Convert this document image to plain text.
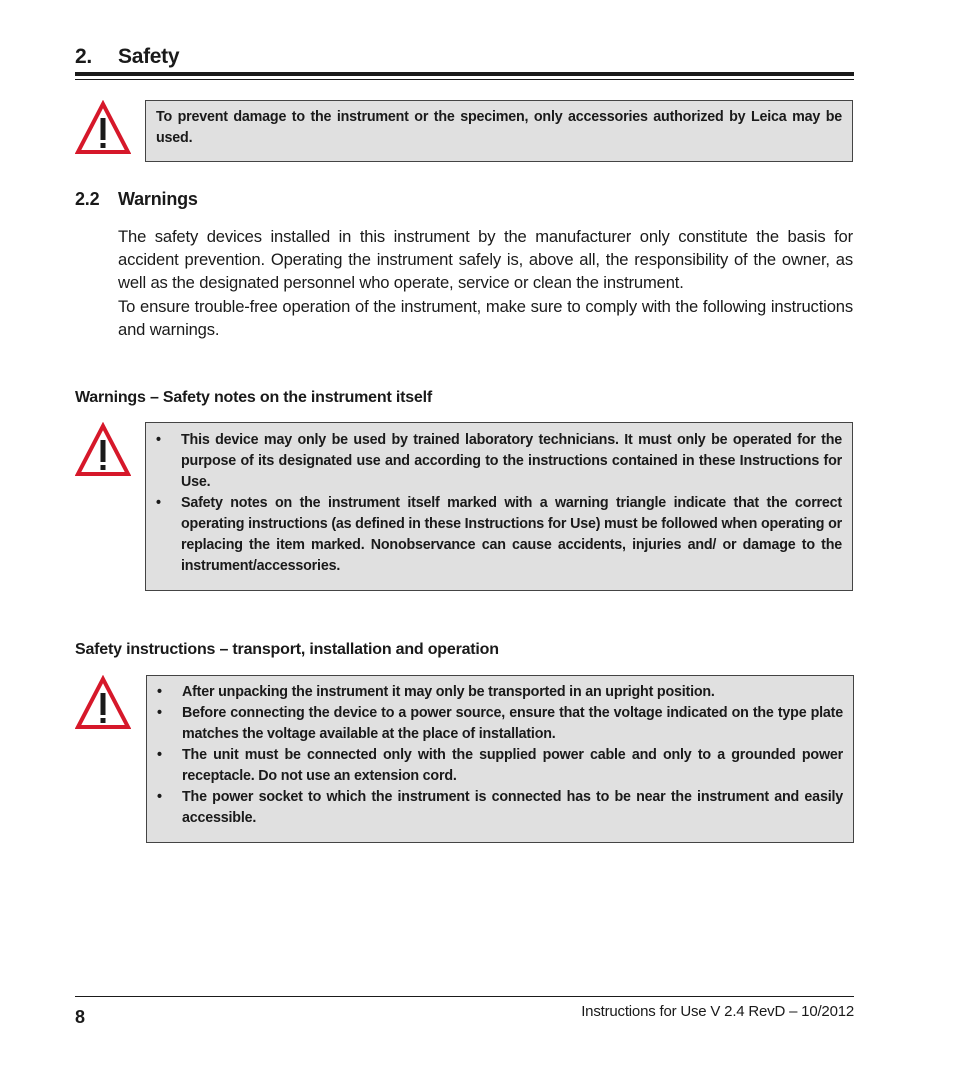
2. Safety

To prevent damage to the instrument or the specimen, only accessories authorized by Leica may be used.

2.2 Warnings

The safety devices installed in this instrument by the manufacturer only constitute the basis for accident prevention. Operating the instrument safely is, above all, the responsibility of the owner, as well as the designated personnel who operate, service or clean the instrument.

To ensure trouble-free operation of the instrument, make sure to comply with the following instructions and warnings.

Warnings – Safety notes on the instrument itself
• This device may only be used by trained laboratory technicians. It must only be operated for the purpose of its designated use and according to the instructions contained in these Instructions for Use.
• Safety notes on the instrument itself marked with a warning triangle indicate that the correct operating instructions (as defined in these Instructions for Use) must be followed when operating or replacing the item marked. Nonobservance can cause accidents, injuries and/ or damage to the instrument/accessories.
Safety instructions – transport, installation and operation
• After unpacking the instrument it may only be transported in an upright position.
• Before connecting the device to a power source, ensure that the voltage indicated on the type plate matches the voltage available at the place of installation.
• The unit must be connected only with the supplied power cable and only to a grounded power receptacle. Do not use an extension cord.
• The power socket to which the instrument is connected has to be near the instrument and easily accessible.
8	Instructions for Use V 2.4 RevD – 10/2012
